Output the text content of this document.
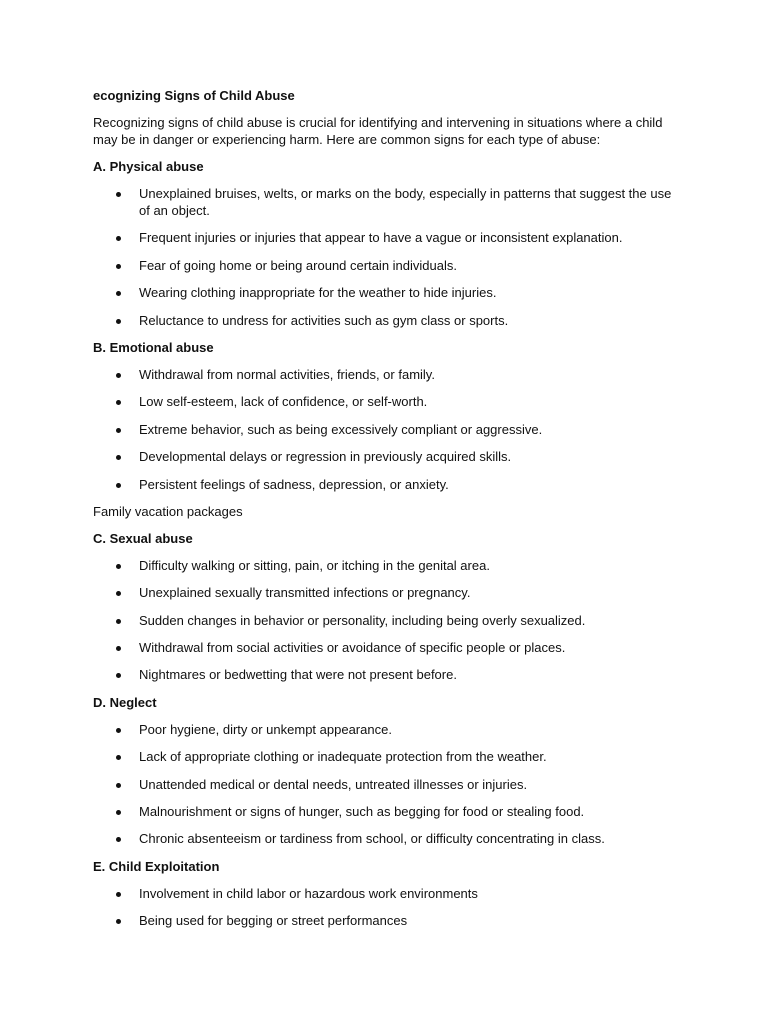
ecognizing Signs of Child Abuse
Recognizing signs of child abuse is crucial for identifying and intervening in situations where a child may be in danger or experiencing harm. Here are common signs for each type of abuse:
A. Physical abuse
Unexplained bruises, welts, or marks on the body, especially in patterns that suggest the use of an object.
Frequent injuries or injuries that appear to have a vague or inconsistent explanation.
Fear of going home or being around certain individuals.
Wearing clothing inappropriate for the weather to hide injuries.
Reluctance to undress for activities such as gym class or sports.
B. Emotional abuse
Withdrawal from normal activities, friends, or family.
Low self-esteem, lack of confidence, or self-worth.
Extreme behavior, such as being excessively compliant or aggressive.
Developmental delays or regression in previously acquired skills.
Persistent feelings of sadness, depression, or anxiety.
Family vacation packages
C. Sexual abuse
Difficulty walking or sitting, pain, or itching in the genital area.
Unexplained sexually transmitted infections or pregnancy.
Sudden changes in behavior or personality, including being overly sexualized.
Withdrawal from social activities or avoidance of specific people or places.
Nightmares or bedwetting that were not present before.
D. Neglect
Poor hygiene, dirty or unkempt appearance.
Lack of appropriate clothing or inadequate protection from the weather.
Unattended medical or dental needs, untreated illnesses or injuries.
Malnourishment or signs of hunger, such as begging for food or stealing food.
Chronic absenteeism or tardiness from school, or difficulty concentrating in class.
E. Child Exploitation
Involvement in child labor or hazardous work environments
Being used for begging or street performances
